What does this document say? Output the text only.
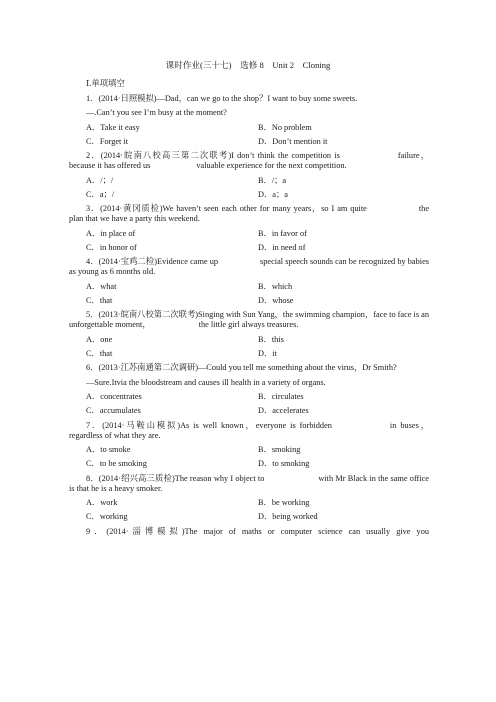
课时作业(三十七)　选修 8　Unit 2　Cloning
Ⅰ.单项填空

1．(2014·日照模拟)—Dad，can we go to the shop？I want to buy some sweets.

—.Can’t you see I’m busy at the moment?

A．Take it easy	B．No problem
C．Forget it	D．Don’t mention it

2．(2014·皖南八校高三第二次联考)I don’t think the competition is	failure，because it has offered us	valuable experience for the next competition.

A．/；/	B．/；a
C．a；/	D．a；a

3．(2014·黄冈质检)We haven’t seen each other for many years，so I am quite	the plan that we have a party this weekend.

A．in place of	B．in favor of
C．in honor of	D．in need of

4．(2014·宝鸡二检)Evidence came up	special speech sounds can be recognized by babies as young as 6 months old.

A．what	B．which
C．that	D．whose

5．(2013·皖南八校第二次联考)Singing with Sun Yang，the swimming champion，face to face is an unforgettable moment，	the little girl always treasures.

A．one	B．this
C．that	D．it

6．(2013·江苏南通第二次调研)—Could you tell me something about the virus，Dr Smith?

—Sure.Itvia the bloodstream and causes ill health in a variety of organs.

A．concentrates	B．circulates
C．accumulates	D．accelerates

7．(2014·马鞍山模拟)As is well known，everyone is forbidden	in buses，regardless of what they are.

A．to smoke	B．smoking
C．to be smoking	D．to smoking

8．(2014·绍兴高三质检)The reason why I object to	with Mr Black in the same office is that he is a heavy smoker.

A．work	B．be working
C．working	D．being worked

9．(2014·淄博模拟)The major of maths or computer science can usually give you
